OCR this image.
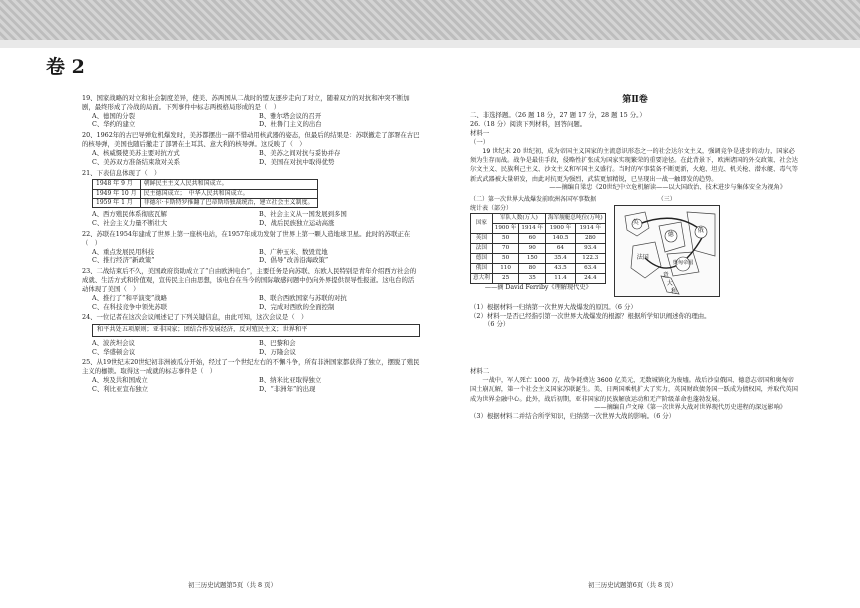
卷 2
19、国家战略的对立和社会制度差异，使美、苏两国从二战时的盟友逐步走向了对立，随着双方的对抗和冲突不断加剧，最终形成了冷战的局面。下列事件中标志两极格局形成的是（　）
A、德国的分裂	B、雅尔塔会议的召开
C、华约的建立	D、杜鲁门主义的出台
20、1962年的古巴导弹危机爆发时，美苏都摆出一副不惜动用核武器的姿态，但最后的结果是：苏联撤走了部署在古巴的核导弹，美国也随后撤走了部署在土耳其、意大利的核导弹。这反映了（　）
A、核威慑使美苏主要对抗方式	B、美苏之间对抗与妥协并存
C、美苏双方准备结束敌对关系	D、美国在对抗中取得优势
21、下表信息体现了（　）
1948 年 9 月	朝鲜民主主义人民共和国成立。
1949 年 10 月	民主德国成立；　中华人民共和国成立。
1959 年 1 月	菲德尔·卡斯特罗推翻了巴蒂斯塔独裁统治，建立社会主义制度。
A、西方殖民体系彻底瓦解	B、社会主义从一国发展到多国
C、社会主义力量不断壮大	D、战后民族独立运动高涨
22、苏联在1954年建成了世界上第一座核电站，在1957年成功发射了世界上第一颗人造地球卫星。此时的苏联正在（　）
A、重点发展民用科技	B、广种玉米、数毁荒地
C、推行经济“新政策”	D、倡导“改善沿海政策”
23、二战结束后不久，美国政府资助成立了“自由欧洲电台”，主要任务是向苏联、东欧人民特别是青年介绍西方社会的成就、生活方式和价值观，宣传民主自由思想，该电台在当今的国际敏感问题中仍向外界提供误导性报道。这电台的活动体现了美国（　）
A、推行了“和平演变”战略	B、联合西欧国家与苏联的对抗
C、在科技竞争中领先苏联	D、完成对西欧的全面控制
24、一位记者在这次会议阐述记了下列关键信息，由此可知，这次会议是（　）
和平共处五项原则；亚非国家；团结合作发展经济，反对殖民主义；世界和平
A、波茨坦会议	B、巴黎和会
C、华盛顿会议	D、万隆会议
25、从19世纪末20世纪初非洲被瓜分开始，经过了一个世纪左右的不懈斗争，所有非洲国家都获得了独立，摆脱了殖民主义的枷锁。取得这一成就的标志事件是（　）
A、埃及共和国成立	B、纳米比亚取得独立
C、利比亚宣布独立	D、“非洲年”的出现
初三历史试题第5页（共 8 页）
第Ⅱ卷
二、非选择题。（26 题 18 分，27 题 17 分，28 题 15 分。）
26.（18 分）阅读下列材料，回答问题。
材料一
（一）
19 世纪末 20 世纪初，成为帝国主义国家的主流意识形态之一的社会达尔文主义，强调竞争是进步的动力，国家必须为生存而战。战争是最佳手段，侵略性扩张成为国家实现繁荣的重要途径。在此背景下，欧洲诸国的外交政策、社会达尔文主义、民族利己主义、沙文主义和军国主义盛行。当时的军事装备不断更新，火炮、坦克、机关枪、潜水艇、毒气等新式武器被大量研发，由此对抗更为强烈，武装更加精锐，已呈现出一战一触即发的趋势。
——摘编自梁忠《20世纪中立危机解读——以大国政治、技术进步与集体安全为视角》
（二）第一次世界大战爆发前欧洲各国军事数据
统计表（部分）
国家	军队人数(万人)		海军舰艇总吨位(万吨)	
	1900 年	1914 年	1900 年	1914 年
英国	50	60	140.5	280
法国	70	90	64	93.4
德国	50	150	35.4	122.3
俄国	110	80	43.5	63.4
意大利	25	35	11.4	24.4
——摘 David Ferriby《理解现代史》
（三）
英
法国
德
奥匈帝国
俄
意
大
利
（1）根据材料一归纳第一次世界大战爆发的原因。（6 分）
（2）材料一是否已经指引第一次世界大战爆发的根源？根据所学知识阐述你的理由。
（6 分）
材料二
一战中，军人死亡 1000 万，战争耗费达 3600 亿美元，无数城镇化为废墟。战后沙皇俄国、德意志帝国和奥匈帝国土崩瓦解，第一个社会主义国家苏联诞生。美、日两国乘机扩大了实力，英国财政债务国一跃成为债权国，并取代英国成为世界金融中心。此外，战后初期，亚非国家的民族解放运动和无产阶级革命也蓬勃发展。
——摘编自卢文璋《第一次世界大战对世界现代历史进程的深远影响》
（3）根据材料二并结合所学知识，归纳第一次世界大战的影响。（6 分）
初三历史试题第6页（共 8 页）
